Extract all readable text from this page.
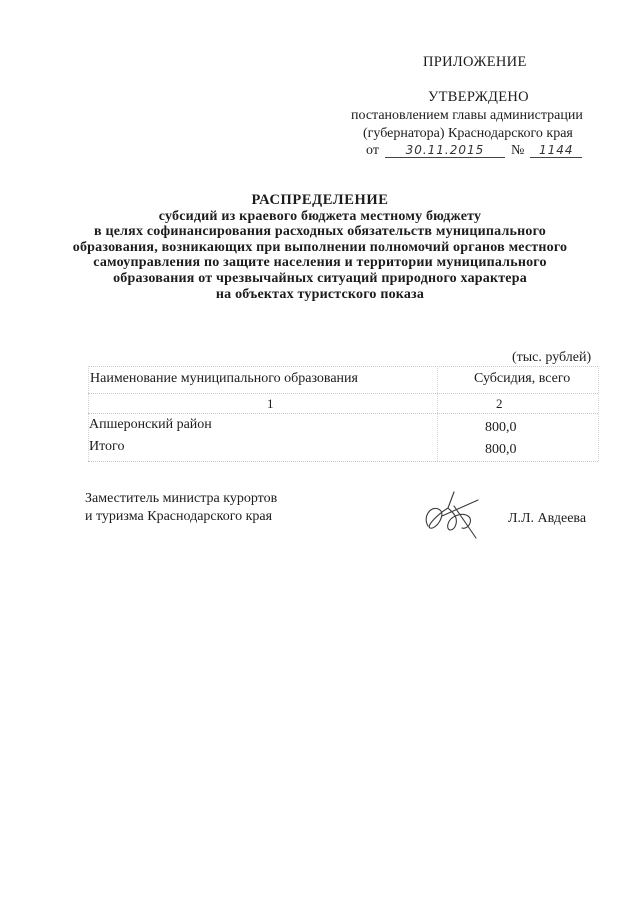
ПРИЛОЖЕНИЕ
УТВЕРЖДЕНО
постановлением главы администрации
(губернатора) Краснодарского края
от 30.11.2015 № 1144
РАСПРЕДЕЛЕНИЕ
субсидий из краевого бюджета местному бюджету
в целях софинансирования расходных обязательств муниципального
образования, возникающих при выполнении полномочий органов местного
самоуправления по защите населения и территории муниципального
образования от чрезвычайных ситуаций природного характера
на объектах туристского показа
(тыс. рублей)
Наименование муниципального образования	Субсидия, всего
1	2
Апшеронский район	800,0
Итого	800,0
Заместитель министра курортов
и туризма Краснодарского края	Л.Л. Авдеева
